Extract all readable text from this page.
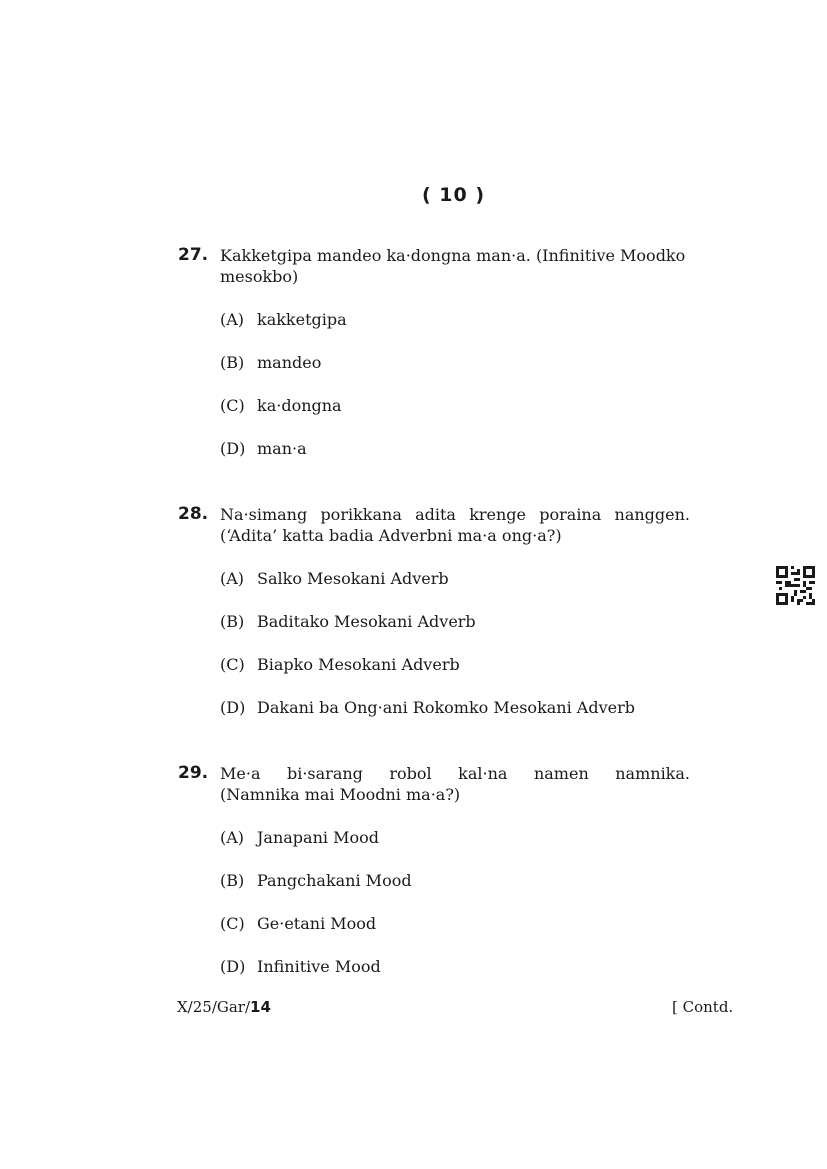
( 10 )
27. Kakketgipa mandeo ka·dongna man·a. (Infinitive Moodko
mesokbo)
(A) kakketgipa
(B) mandeo
(C) ka·dongna
(D) man·a
28. Na·simang porikkana adita krenge poraina nanggen.
(‘Adita’ katta badia Adverbni ma·a ong·a?)
(A) Salko Mesokani Adverb
(B) Baditako Mesokani Adverb
(C) Biapko Mesokani Adverb
(D) Dakani ba Ong·ani Rokomko Mesokani Adverb
29. Me·a bi·sarang robol kal·na namen namnika.
(Namnika mai Moodni ma·a?)
(A) Janapani Mood
(B) Pangchakani Mood
(C) Ge·etani Mood
(D) Infinitive Mood
X/25/Gar/14	[ Contd.
